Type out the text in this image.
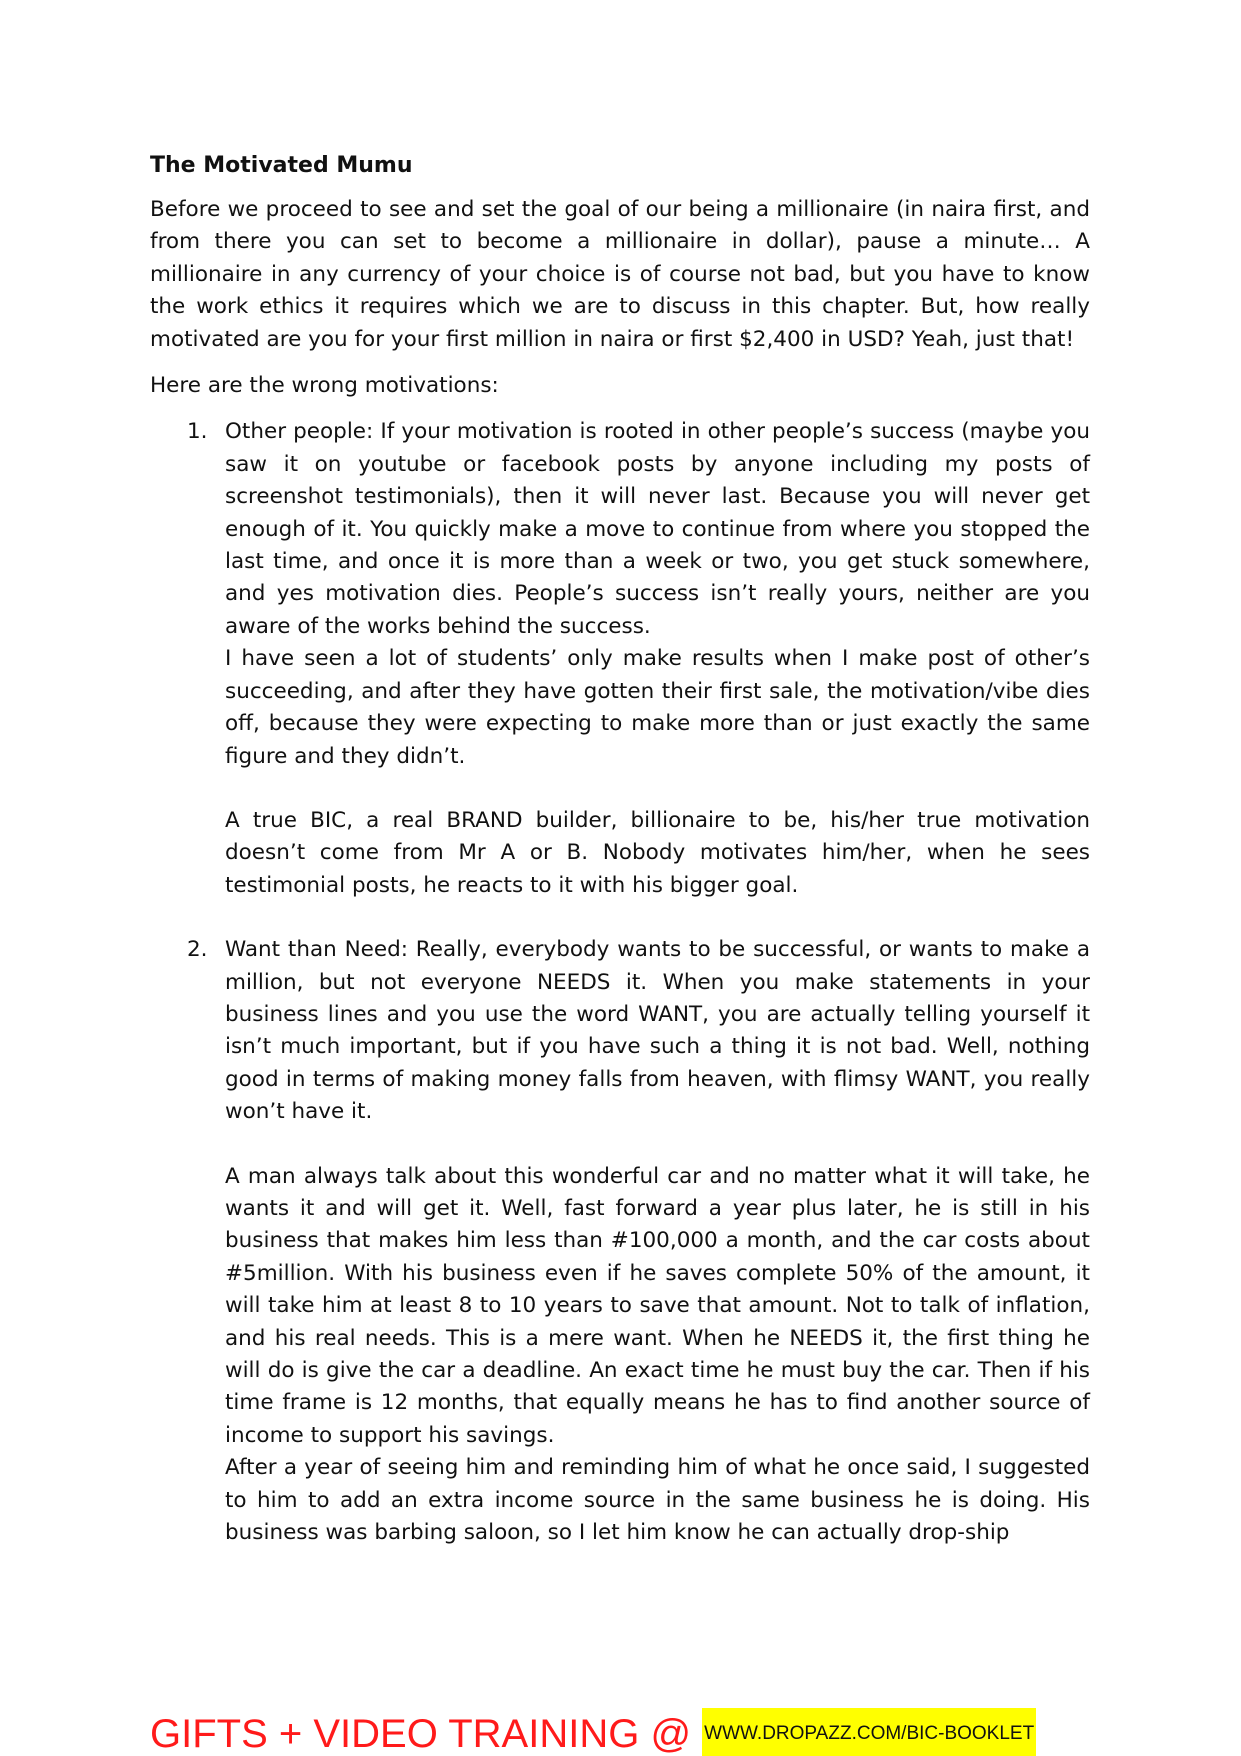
The Motivated Mumu

Before we proceed to see and set the goal of our being a millionaire (in naira first, and from there you can set to become a millionaire in dollar), pause a minute… A millionaire in any currency of your choice is of course not bad, but you have to know the work ethics it requires which we are to discuss in this chapter. But, how really motivated are you for your first million in naira or first $2,400 in USD? Yeah, just that!

Here are the wrong motivations:

1. Other people: If your motivation is rooted in other people’s success (maybe you saw it on youtube or facebook posts by anyone including my posts of screenshot testimonials), then it will never last. Because you will never get enough of it. You quickly make a move to continue from where you stopped the last time, and once it is more than a week or two, you get stuck somewhere, and yes motivation dies. People’s success isn’t really yours, neither are you aware of the works behind the success.

I have seen a lot of students’ only make results when I make post of other’s succeeding, and after they have gotten their first sale, the motivation/vibe dies off, because they were expecting to make more than or just exactly the same figure and they didn’t.

A true BIC, a real BRAND builder, billionaire to be, his/her true motivation doesn’t come from Mr A or B. Nobody motivates him/her, when he sees testimonial posts, he reacts to it with his bigger goal.

2. Want than Need: Really, everybody wants to be successful, or wants to make a million, but not everyone NEEDS it. When you make statements in your business lines and you use the word WANT, you are actually telling yourself it isn’t much important, but if you have such a thing it is not bad. Well, nothing good in terms of making money falls from heaven, with flimsy WANT, you really won’t have it.

A man always talk about this wonderful car and no matter what it will take, he wants it and will get it. Well, fast forward a year plus later, he is still in his business that makes him less than #100,000 a month, and the car costs about #5million. With his business even if he saves complete 50% of the amount, it will take him at least 8 to 10 years to save that amount. Not to talk of inflation, and his real needs. This is a mere want. When he NEEDS it, the first thing he will do is give the car a deadline. An exact time he must buy the car. Then if his time frame is 12 months, that equally means he has to find another source of income to support his savings.

After a year of seeing him and reminding him of what he once said, I suggested to him to add an extra income source in the same business he is doing. His business was barbing saloon, so I let him know he can actually drop-ship

GIFTS + VIDEO TRAINING @ WWW.DROPAZZ.COM/BIC-BOOKLET
